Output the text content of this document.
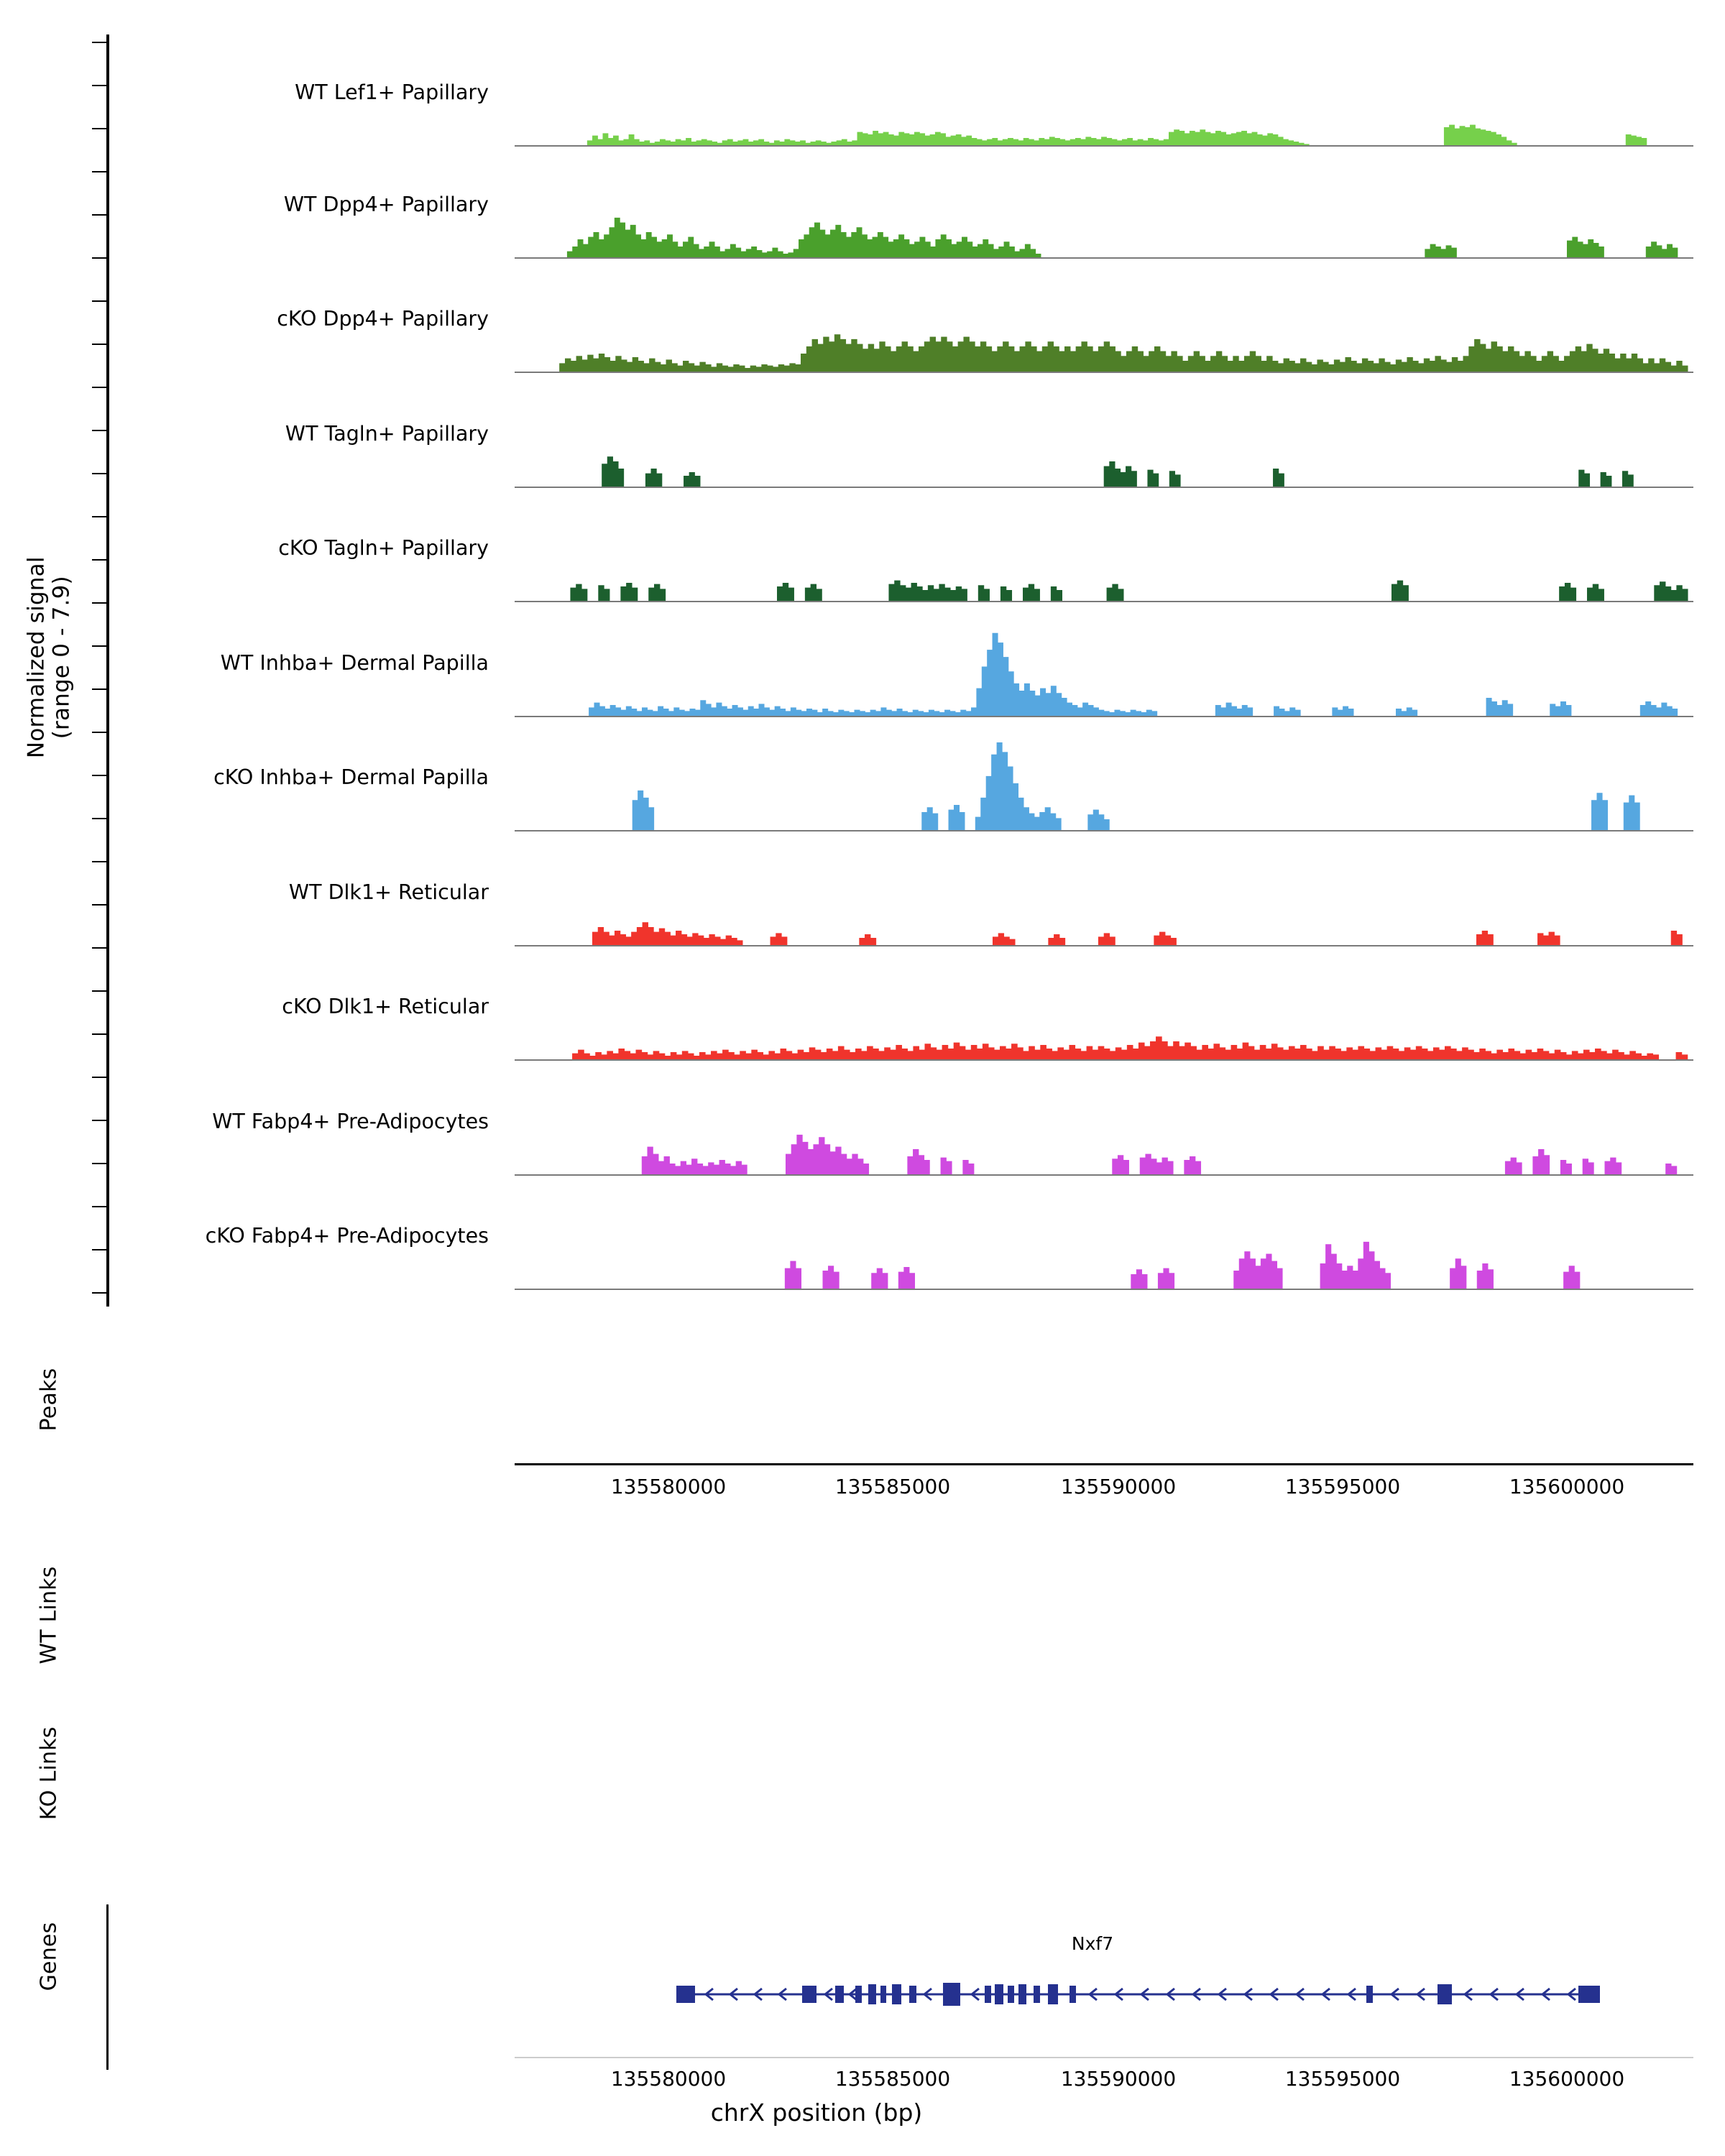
Normalized signal
(range 0 - 7.9)
Peaks
WT Links
KO Links
Genes
WT Lef1+ Papillary
WT Dpp4+ Papillary
cKO Dpp4+ Papillary
WT Tagln+ Papillary
cKO Tagln+ Papillary
WT Inhba+ Dermal Papilla
cKO Inhba+ Dermal Papilla
WT Dlk1+ Reticular
cKO Dlk1+ Reticular
WT Fabp4+ Pre-Adipocytes
cKO Fabp4+ Pre-Adipocytes
135580000	135585000	135590000	135595000	135600000
Nxf7
135580000	135585000	135590000	135595000	135600000
chrX position (bp)
